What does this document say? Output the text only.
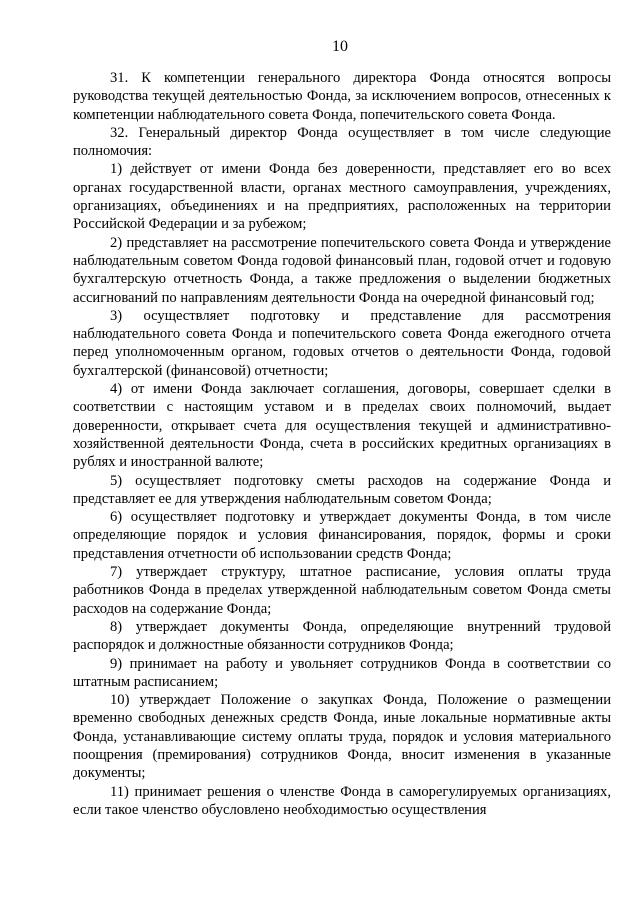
10

31. К компетенции генерального директора Фонда относятся вопросы руководства текущей деятельностью Фонда, за исключением вопросов, отнесенных к компетенции наблюдательного совета Фонда, попечительского совета Фонда.

32. Генеральный директор Фонда осуществляет в том числе следующие полномочия:

1) действует от имени Фонда без доверенности, представляет его во всех органах государственной власти, органах местного самоуправления, учреждениях, организациях, объединениях и на предприятиях, расположенных на территории Российской Федерации и за рубежом;

2) представляет на рассмотрение попечительского совета Фонда и утверждение наблюдательным советом Фонда годовой финансовый план, годовой отчет и годовую бухгалтерскую отчетность Фонда, а также предложения о выделении бюджетных ассигнований по направлениям деятельности Фонда на очередной финансовый год;

3) осуществляет подготовку и представление для рассмотрения наблюдательного совета Фонда и попечительского совета Фонда ежегодного отчета перед уполномоченным органом, годовых отчетов о деятельности Фонда, годовой бухгалтерской (финансовой) отчетности;

4) от имени Фонда заключает соглашения, договоры, совершает сделки в соответствии с настоящим уставом и в пределах своих полномочий, выдает доверенности, открывает счета для осуществления текущей и административно-хозяйственной деятельности Фонда, счета в российских кредитных организациях в рублях и иностранной валюте;

5) осуществляет подготовку сметы расходов на содержание Фонда и представляет ее для утверждения наблюдательным советом Фонда;

6) осуществляет подготовку и утверждает документы Фонда, в том числе определяющие порядок и условия финансирования, порядок, формы и сроки представления отчетности об использовании средств Фонда;

7) утверждает структуру, штатное расписание, условия оплаты труда работников Фонда в пределах утвержденной наблюдательным советом Фонда сметы расходов на содержание Фонда;

8) утверждает документы Фонда, определяющие внутренний трудовой распорядок и должностные обязанности сотрудников Фонда;

9) принимает на работу и увольняет сотрудников Фонда в соответствии со штатным расписанием;

10) утверждает Положение о закупках Фонда, Положение о размещении временно свободных денежных средств Фонда, иные локальные нормативные акты Фонда, устанавливающие систему оплаты труда, порядок и условия материального поощрения (премирования) сотрудников Фонда, вносит изменения в указанные документы;

11) принимает решения о членстве Фонда в саморегулируемых организациях, если такое членство обусловлено необходимостью осуществления
